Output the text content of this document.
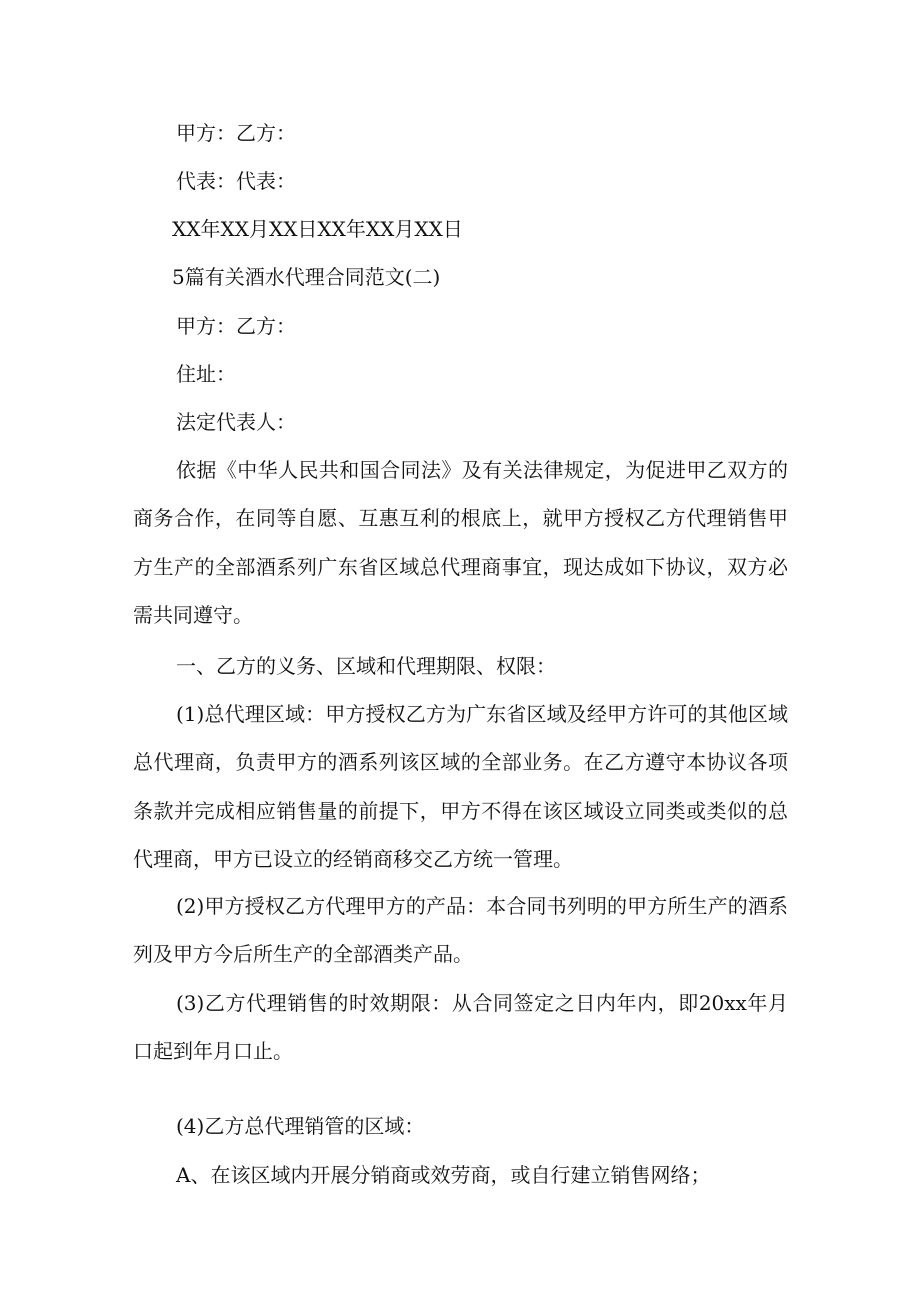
甲方：乙方：
代表：代表：
XX年XX月XX日XX年XX月XX日
5篇有关酒水代理合同范文(二)
甲方：乙方：
住址：
法定代表人：
依据《中华人民共和国合同法》及有关法律规定，为促进甲乙双方的商务合作，在同等自愿、互惠互利的根底上，就甲方授权乙方代理销售甲方生产的全部酒系列广东省区域总代理商事宜，现达成如下协议，双方必需共同遵守。
一、乙方的义务、区域和代理期限、权限：
(1)总代理区域：甲方授权乙方为广东省区域及经甲方许可的其他区域总代理商，负责甲方的酒系列该区域的全部业务。在乙方遵守本协议各项条款并完成相应销售量的前提下，甲方不得在该区域设立同类或类似的总代理商，甲方已设立的经销商移交乙方统一管理。
(2)甲方授权乙方代理甲方的产品：本合同书列明的甲方所生产的酒系列及甲方今后所生产的全部酒类产品。
(3)乙方代理销售的时效期限：从合同签定之日内年内，即20xx年月口起到年月口止。
(4)乙方总代理销管的区域：
A、在该区域内开展分销商或效劳商，或自行建立销售网络；
